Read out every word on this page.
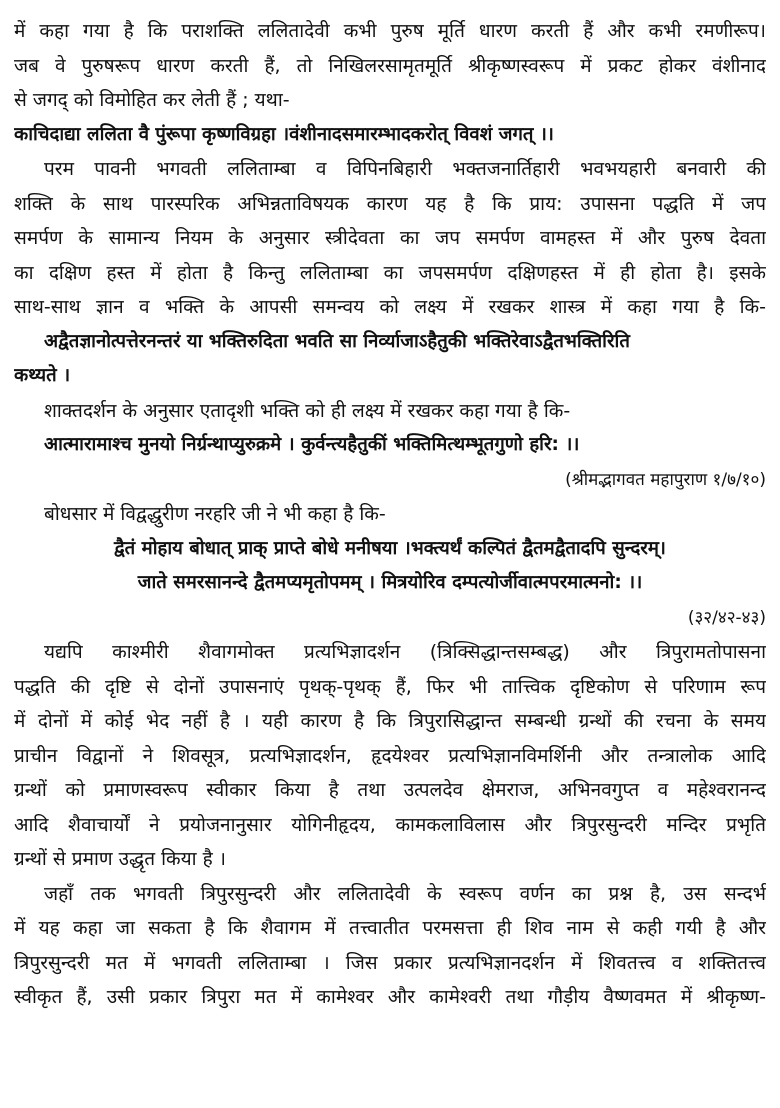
में कहा गया है कि पराशक्ति ललितादेवी कभी पुरुष मूर्ति धारण करती हैं और कभी रमणीरूप।
जब वे पुरुषरूप धारण करती हैं, तो निखिलरसामृतमूर्ति श्रीकृष्णस्वरूप में प्रकट होकर वंशीनाद
से जगद् को विमोहित कर लेती हैं ; यथा-
काचिदाद्या ललिता वै पुंरूपा कृष्णविग्रहा ।वंशीनादसमारम्भादकरोत् विवशं जगत् ।।
परम पावनी भगवती ललिताम्बा व विपिनबिहारी भक्तजनार्तिहारी भवभयहारी बनवारी की
शक्ति के साथ पारस्परिक अभिन्नताविषयक कारण यह है कि प्राय: उपासना पद्धति में जप
समर्पण के सामान्य नियम के अनुसार स्त्रीदेवता का जप समर्पण वामहस्त में और पुरुष देवता
का दक्षिण हस्त में होता है किन्तु ललिताम्बा का जपसमर्पण दक्षिणहस्त में ही होता है। इसके
साथ-साथ ज्ञान व भक्ति के आपसी समन्वय को लक्ष्य में रखकर शास्त्र में कहा गया है कि-
अद्वैतज्ञानोत्पत्तेरनन्तरं या भक्तिरुदिता भवति सा निर्व्याजाऽहैतुकी भक्तिरेवाऽद्वैतभक्तिरिति
कथ्यते ।
शाक्तदर्शन के अनुसार एतादृशी भक्ति को ही लक्ष्य में रखकर कहा गया है कि-
आत्मारामाश्च मुनयो निर्ग्रन्थाप्युरुक्रमे । कुर्वन्त्यहैतुकीं भक्तिमित्थम्भूतगुणो हरि: ।।
(श्रीमद्भागवत महापुराण १/७/१०)
बोधसार में विद्वद्धुरीण नरहरि जी ने भी कहा है कि-
द्वैतं मोहाय बोधात् प्राक् प्राप्ते बोधे मनीषया ।भक्त्यर्थं कल्पितं द्वैतमद्वैतादपि सुन्दरम्।
जाते समरसानन्दे द्वैतमप्यमृतोपमम् । मित्रयोरिव दम्पत्योर्जीवात्मपरमात्मनो: ।।
(३२/४२-४३)
यद्यपि काश्मीरी शैवागमोक्त प्रत्यभिज्ञादर्शन (त्रिक्सिद्धान्तसम्बद्ध) और त्रिपुरामतोपासना
पद्धति की दृष्टि से दोनों उपासनाएं पृथक्-पृथक् हैं, फिर भी तात्त्विक दृष्टिकोण से परिणाम रूप
में दोनों में कोई भेद नहीं है । यही कारण है कि त्रिपुरासिद्धान्त सम्बन्धी ग्रन्थों की रचना के समय
प्राचीन विद्वानों ने शिवसूत्र, प्रत्यभिज्ञादर्शन, हृदयेश्वर प्रत्यभिज्ञानविमर्शिनी और तन्त्रालोक आदि
ग्रन्थों को प्रमाणस्वरूप स्वीकार किया है तथा उत्पलदेव क्षेमराज, अभिनवगुप्त व महेश्वरानन्द
आदि शैवाचार्यों ने प्रयोजनानुसार योगिनीहृदय, कामकलाविलास और त्रिपुरसुन्दरी मन्दिर प्रभृति
ग्रन्थों से प्रमाण उद्धृत किया है ।
जहाँ तक भगवती त्रिपुरसुन्दरी और ललितादेवी के स्वरूप वर्णन का प्रश्न है, उस सन्दर्भ
में यह कहा जा सकता है कि शैवागम में तत्त्वातीत परमसत्ता ही शिव नाम से कही गयी है और
त्रिपुरसुन्दरी मत में भगवती ललिताम्बा । जिस प्रकार प्रत्यभिज्ञानदर्शन में शिवतत्त्व व शक्तितत्त्व
स्वीकृत हैं, उसी प्रकार त्रिपुरा मत में कामेश्वर और कामेश्वरी तथा गौड़ीय वैष्णवमत में श्रीकृष्ण-
